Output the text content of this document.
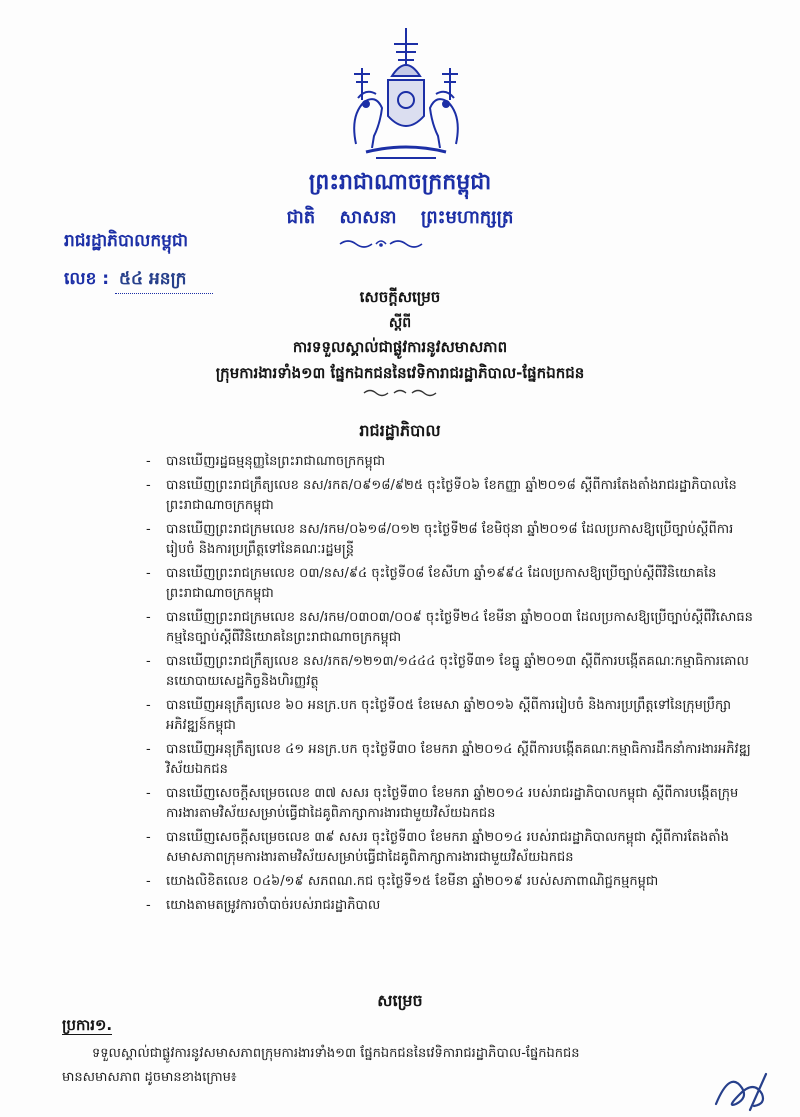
ព្រះរាជាណាចក្រកម្ពុជា
ជាតិ សាសនា ព្រះមហាក្សត្រ
រាជរដ្ឋាភិបាលកម្ពុជា
លេខ : ៥៤ អនក្រ
សេចក្តីសម្រេច
ស្តីពី
ការទទួលស្គាល់ជាផ្លូវការនូវសមាសភាព
ក្រុមការងារទាំង១៣ ផ្នែកឯកជននៃវេទិការាជរដ្ឋាភិបាល-ផ្នែកឯកជន
រាជរដ្ឋាភិបាល
- បានឃើញរដ្ឋធម្មនុញ្ញនៃព្រះរាជាណាចក្រកម្ពុជា
- បានឃើញព្រះរាជក្រឹត្យលេខ នស/រកត/០៩១៨/៩២៥ ចុះថ្ងៃទី០៦ ខែកញ្ញា ឆ្នាំ២០១៨ ស្តីពីការតែងតាំងរាជរដ្ឋាភិបាលនៃព្រះរាជាណាចក្រកម្ពុជា
- បានឃើញព្រះរាជក្រមលេខ នស/រកម/០៦១៨/០១២ ចុះថ្ងៃទី២៨ ខែមិថុនា ឆ្នាំ២០១៨ ដែលប្រកាសឱ្យប្រើច្បាប់ស្តីពីការរៀបចំ និងការប្រព្រឹត្តទៅនៃគណៈរដ្ឋមន្ត្រី
- បានឃើញព្រះរាជក្រមលេខ ០៣/នស/៩៤ ចុះថ្ងៃទី០៨ ខែសីហា ឆ្នាំ១៩៩៤ ដែលប្រកាសឱ្យប្រើច្បាប់ស្តីពីវិនិយោគនៃព្រះរាជាណាចក្រកម្ពុជា
- បានឃើញព្រះរាជក្រមលេខ នស/រកម/០៣០៣/០០៩ ចុះថ្ងៃទី២៤ ខែមីនា ឆ្នាំ២០០៣ ដែលប្រកាសឱ្យប្រើច្បាប់ស្តីពីវិសោធនកម្មនៃច្បាប់ស្តីពីវិនិយោគនៃព្រះរាជាណាចក្រកម្ពុជា
- បានឃើញព្រះរាជក្រឹត្យលេខ នស/រកត/១២១៣/១៤៤៤ ចុះថ្ងៃទី៣១ ខែធ្នូ ឆ្នាំ២០១៣ ស្តីពីការបង្កើតគណៈកម្មាធិការគោលនយោបាយសេដ្ឋកិច្ចនិងហិរញ្ញវត្ថុ
- បានឃើញអនុក្រឹត្យលេខ ៦០ អនក្រ.បក ចុះថ្ងៃទី០៥ ខែមេសា ឆ្នាំ២០១៦ ស្តីពីការរៀបចំ និងការប្រព្រឹត្តទៅនៃក្រុមប្រឹក្សាអភិវឌ្ឍន៍កម្ពុជា
- បានឃើញអនុក្រឹត្យលេខ ៤១ អនក្រ.បក ចុះថ្ងៃទី៣០ ខែមករា ឆ្នាំ២០១៤ ស្តីពីការបង្កើតគណៈកម្មាធិការដឹកនាំការងារអភិវឌ្ឍវិស័យឯកជន
- បានឃើញសេចក្តីសម្រេចលេខ ៣៧ សសរ ចុះថ្ងៃទី៣០ ខែមករា ឆ្នាំ២០១៤ របស់រាជរដ្ឋាភិបាលកម្ពុជា ស្តីពីការបង្កើតក្រុមការងារតាមវិស័យសម្រាប់ធ្វើជាដៃគូពិភាក្សាការងារជាមួយវិស័យឯកជន
- បានឃើញសេចក្តីសម្រេចលេខ ៣៩ សសរ ចុះថ្ងៃទី៣០ ខែមករា ឆ្នាំ២០១៤ របស់រាជរដ្ឋាភិបាលកម្ពុជា ស្តីពីការតែងតាំងសមាសភាពក្រុមការងារតាមវិស័យសម្រាប់ធ្វើជាដៃគូពិភាក្សាការងារជាមួយវិស័យឯកជន
- យោងលិខិតលេខ ០៤៦/១៩ សភពណ.កជ ចុះថ្ងៃទី១៥ ខែមីនា ឆ្នាំ២០១៩ របស់សភាពាណិជ្ជកម្មកម្ពុជា
- យោងតាមតម្រូវការចាំបាច់របស់រាជរដ្ឋាភិបាល
សម្រេច
ប្រការ១.
ទទួលស្គាល់ជាផ្លូវការនូវសមាសភាពក្រុមការងារទាំង១៣ ផ្នែកឯកជននៃវេទិការាជរដ្ឋាភិបាល-ផ្នែកឯកជន
មានសមាសភាព ដូចមានខាងក្រោម៖
